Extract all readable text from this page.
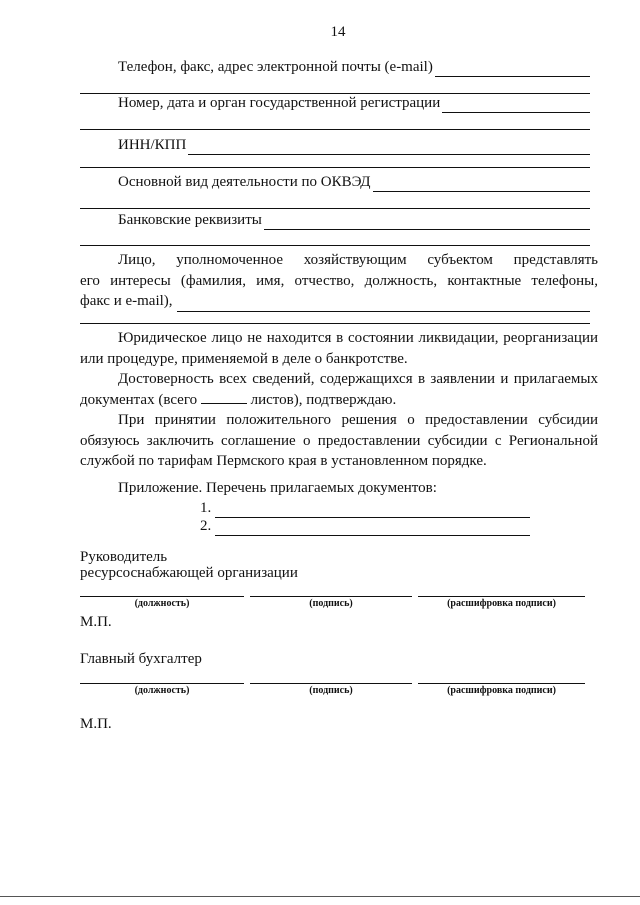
14
Телефон, факс, адрес электронной почты (e-mail)
Номер, дата и орган государственной регистрации
ИНН/КПП
Основной вид деятельности по ОКВЭД
Банковские реквизиты
Лицо, уполномоченное хозяйствующим субъектом представлять
его интересы (фамилия, имя, отчество, должность, контактные телефоны,
факс и e-mail),
Юридическое лицо не находится в состоянии ликвидации, реорганизации или процедуре, применяемой в деле о банкротстве.
Достоверность всех сведений, содержащихся в заявлении и прилагаемых документах (всего	листов), подтверждаю.
При принятии положительного решения о предоставлении субсидии обязуюсь заключить соглашение о предоставлении субсидии с Региональной службой по тарифам Пермского края в установленном порядке.
Приложение. Перечень прилагаемых документов:
1.
2.
Руководитель
ресурсоснабжающей организации
(должность)	(подпись)	(расшифровка подписи)
М.П.
Главный бухгалтер
(должность)	(подпись)	(расшифровка подписи)
М.П.
